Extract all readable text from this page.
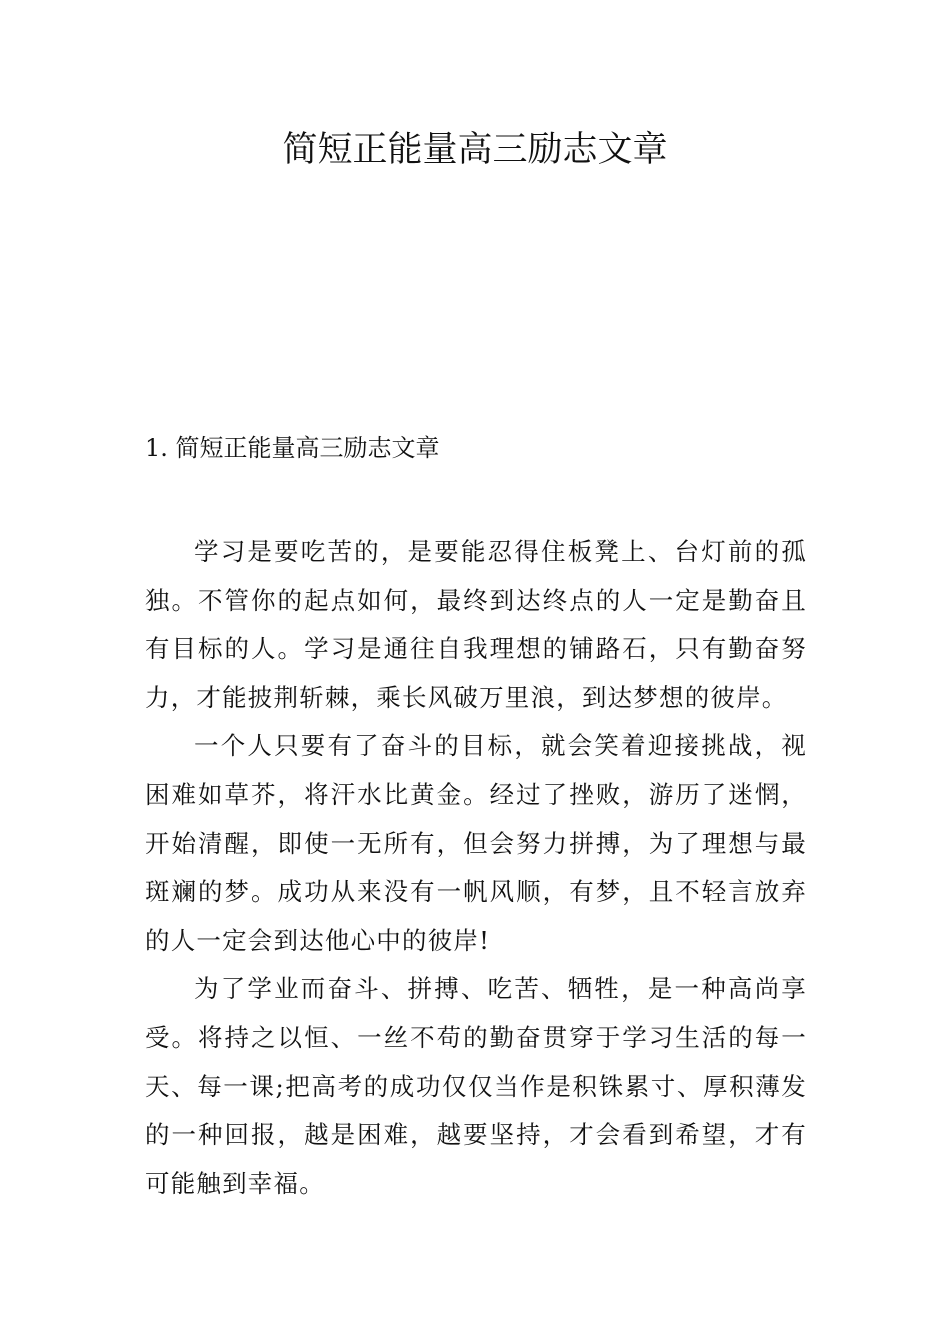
简短正能量高三励志文章
1. 简短正能量高三励志文章

学习是要吃苦的，是要能忍得住板凳上、台灯前的孤独。不管你的起点如何，最终到达终点的人一定是勤奋且有目标的人。学习是通往自我理想的铺路石，只有勤奋努力，才能披荆斩棘，乘长风破万里浪，到达梦想的彼岸。

一个人只要有了奋斗的目标，就会笑着迎接挑战，视困难如草芥，将汗水比黄金。经过了挫败，游历了迷惘，开始清醒，即使一无所有，但会努力拼搏，为了理想与最斑斓的梦。成功从来没有一帆风顺，有梦，且不轻言放弃的人一定会到达他心中的彼岸!

为了学业而奋斗、拼搏、吃苦、牺牲，是一种高尚享受。将持之以恒、一丝不苟的勤奋贯穿于学习生活的每一天、每一课;把高考的成功仅仅当作是积铢累寸、厚积薄发的一种回报，越是困难，越要坚持，才会看到希望，才有可能触到幸福。
